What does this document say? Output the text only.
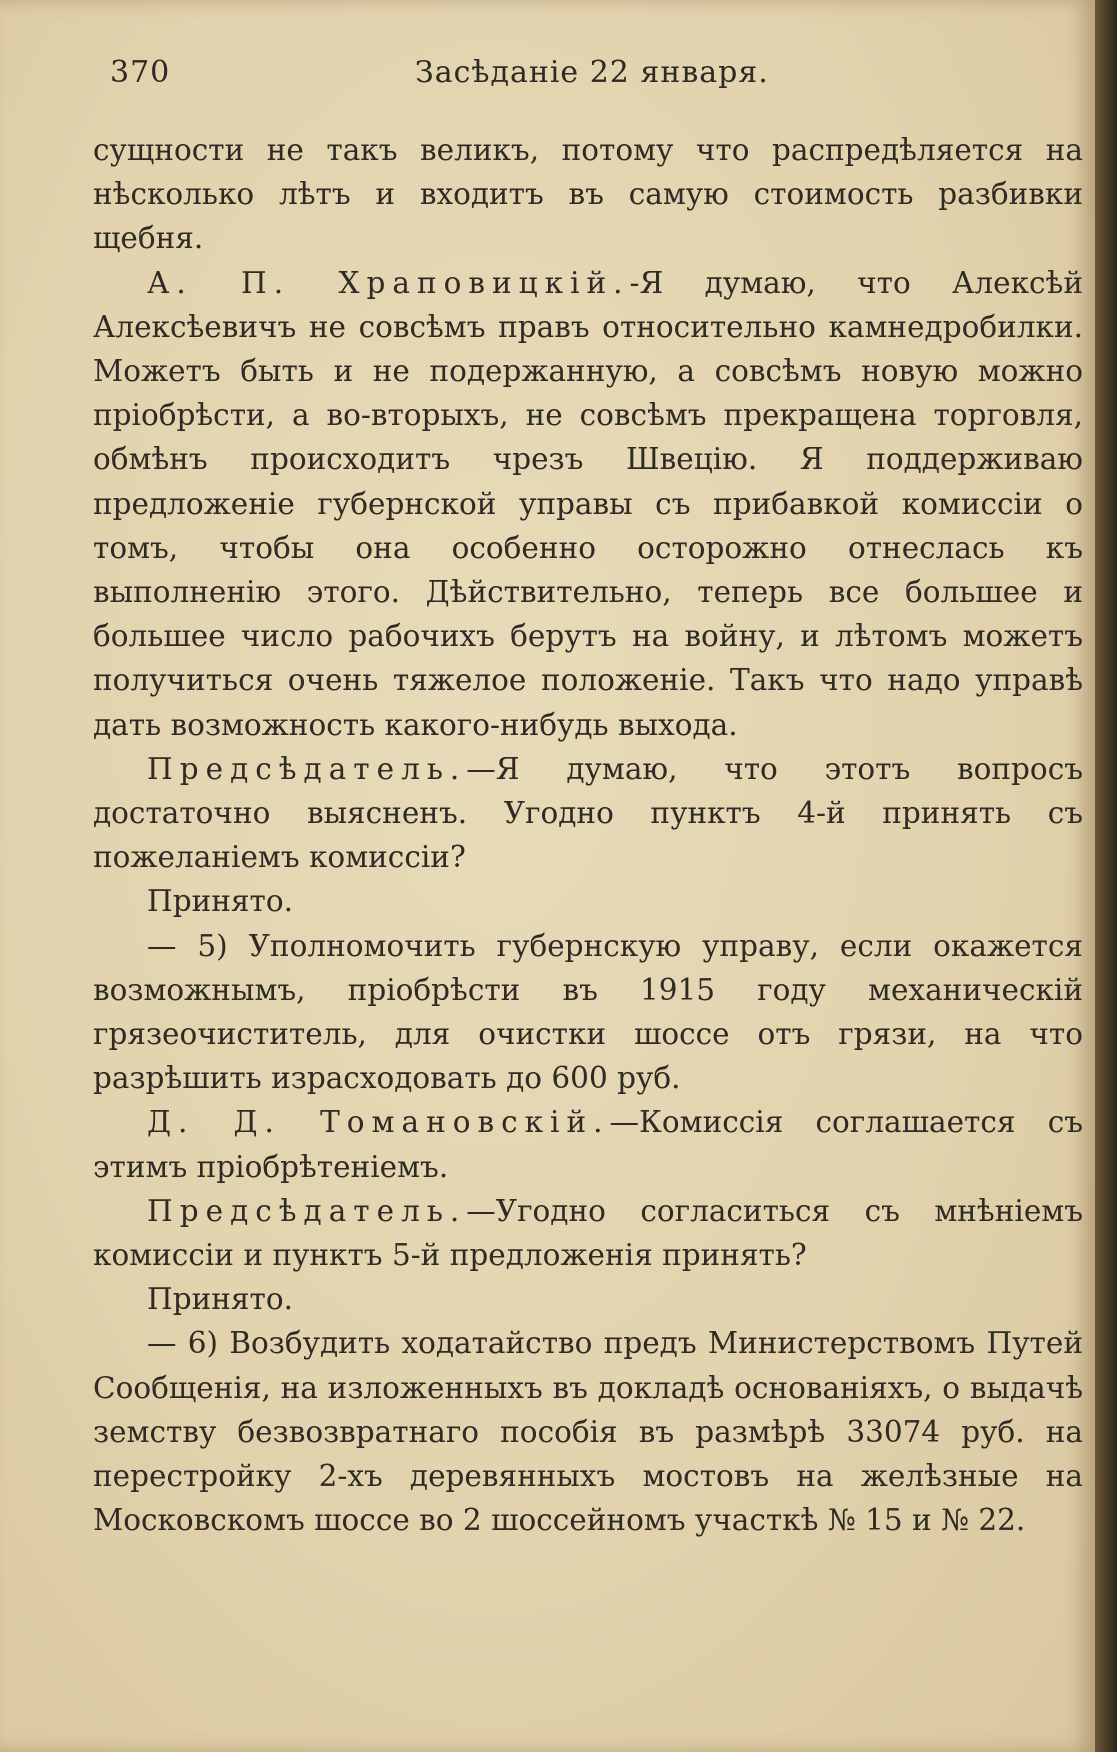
370	Засѣданіе 22 января.

сущности не такъ великъ, потому что распредѣляется на нѣсколько лѣтъ и входитъ въ самую стоимость разбивки щебня.

А. П. Храповицкій.-Я думаю, что Алексѣй Алексѣевичъ не совсѣмъ правъ относительно камнедробилки. Можетъ быть и не подержанную, а совсѣмъ новую можно пріобрѣсти, а во-вторыхъ, не совсѣмъ прекращена торговля, обмѣнъ происходитъ чрезъ Швецію. Я поддерживаю предложеніе губернской управы съ прибавкой комиссіи о томъ, чтобы она особенно осторожно отнеслась къ выполненію этого. Дѣйствительно, теперь все большее и большее число рабочихъ берутъ на войну, и лѣтомъ можетъ получиться очень тяжелое положеніе. Такъ что надо управѣ дать возможность какого-нибудь выхода.

Предсѣдатель.—Я думаю, что этотъ вопросъ достаточно выясненъ. Угодно пунктъ 4-й принять съ пожеланіемъ комиссіи?

Принято.

— 5) Уполномочить губернскую управу, если окажется возможнымъ, пріобрѣсти въ 1915 году механическій грязеочиститель, для очистки шоссе отъ грязи, на что разрѣшить израсходовать до 600 руб.

Д. Д. Томановскій.—Комиссія соглашается съ этимъ пріобрѣтеніемъ.

Предсѣдатель.—Угодно согласиться съ мнѣніемъ комиссіи и пунктъ 5-й предложенія принять?

Принято.

— 6) Возбудить ходатайство предъ Министерствомъ Путей Сообщенія, на изложенныхъ въ докладѣ основаніяхъ, о выдачѣ земству безвозвратнаго пособія въ размѣрѣ 33074 руб. на перестройку 2-хъ деревянныхъ мостовъ на желѣзные на Московскомъ шоссе во 2 шоссейномъ участкѣ № 15 и № 22.
